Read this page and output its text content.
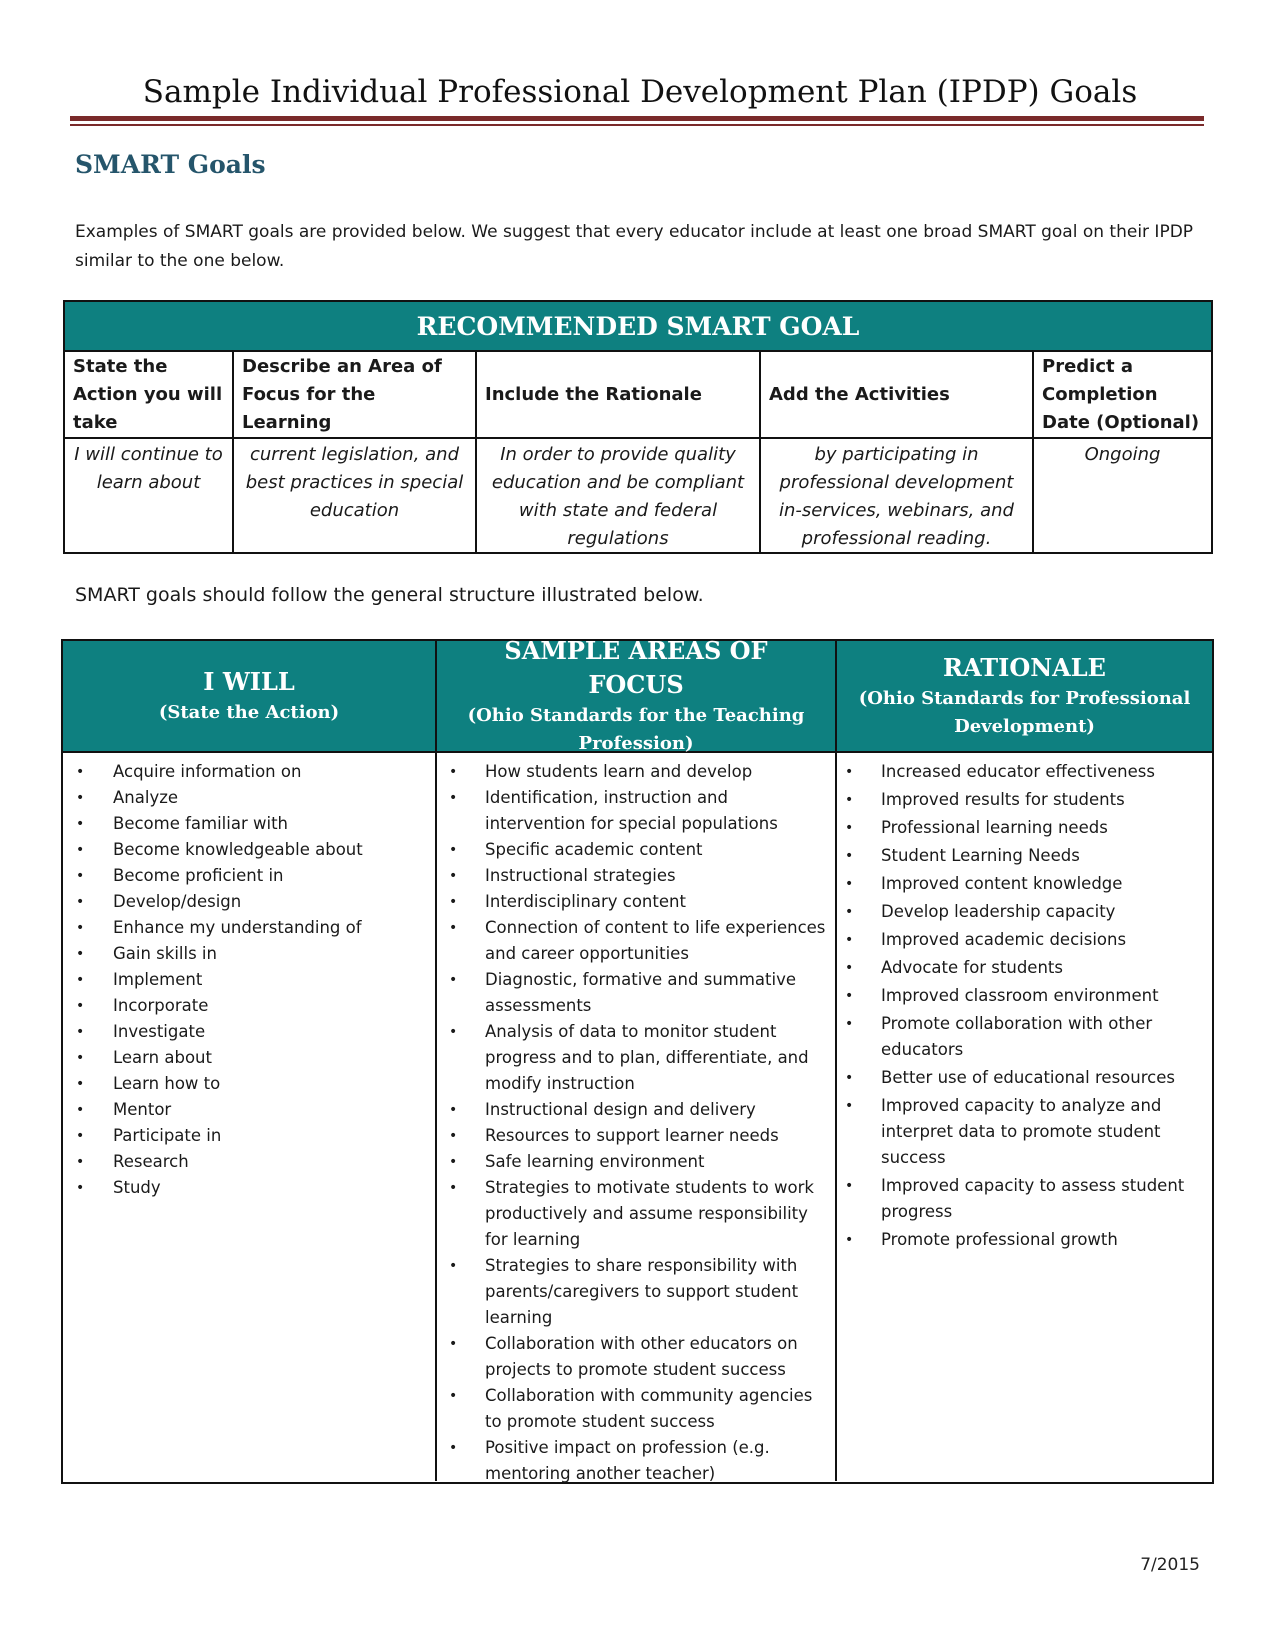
Sample Individual Professional Development Plan (IPDP) Goals
SMART Goals
Examples of SMART goals are provided below. We suggest that every educator include at least one broad SMART goal on their IPDP similar to the one below.
RECOMMENDED SMART GOAL
State the Action you will take
Describe an Area of Focus for the Learning
Include the Rationale	Add the Activities
Predict a Completion Date (Optional)
I will continue to learn about
current legislation, and best practices in special education
In order to provide quality education and be compliant with state and federal regulations
by participating in professional development in-services, webinars, and professional reading.
Ongoing
SMART goals should follow the general structure illustrated below.
I WILL
(State the Action)
SAMPLE AREAS OF FOCUS
(Ohio Standards for the Teaching Profession)
RATIONALE
(Ohio Standards for Professional Development)
• Acquire information on
• Analyze
• Become familiar with
• Become knowledgeable about
• Become proficient in
• Develop/design
• Enhance my understanding of
• Gain skills in
• Implement
• Incorporate
• Investigate
• Learn about
• Learn how to
• Mentor
• Participate in
• Research
• Study
• How students learn and develop
• Identification, instruction and intervention for special populations
• Specific academic content
• Instructional strategies
• Interdisciplinary content
• Connection of content to life experiences and career opportunities
• Diagnostic, formative and summative assessments
• Analysis of data to monitor student progress and to plan, differentiate, and modify instruction
• Instructional design and delivery
• Resources to support learner needs
• Safe learning environment
• Strategies to motivate students to work productively and assume responsibility for learning
• Strategies to share responsibility with parents/caregivers to support student learning
• Collaboration with other educators on projects to promote student success
• Collaboration with community agencies to promote student success
• Positive impact on profession (e.g. mentoring another teacher)
• Increased educator effectiveness
• Improved results for students
• Professional learning needs
• Student Learning Needs
• Improved content knowledge
• Develop leadership capacity
• Improved academic decisions
• Advocate for students
• Improved classroom environment
• Promote collaboration with other educators
• Better use of educational resources
• Improved capacity to analyze and interpret data to promote student success
• Improved capacity to assess student progress
• Promote professional growth
7/2015
